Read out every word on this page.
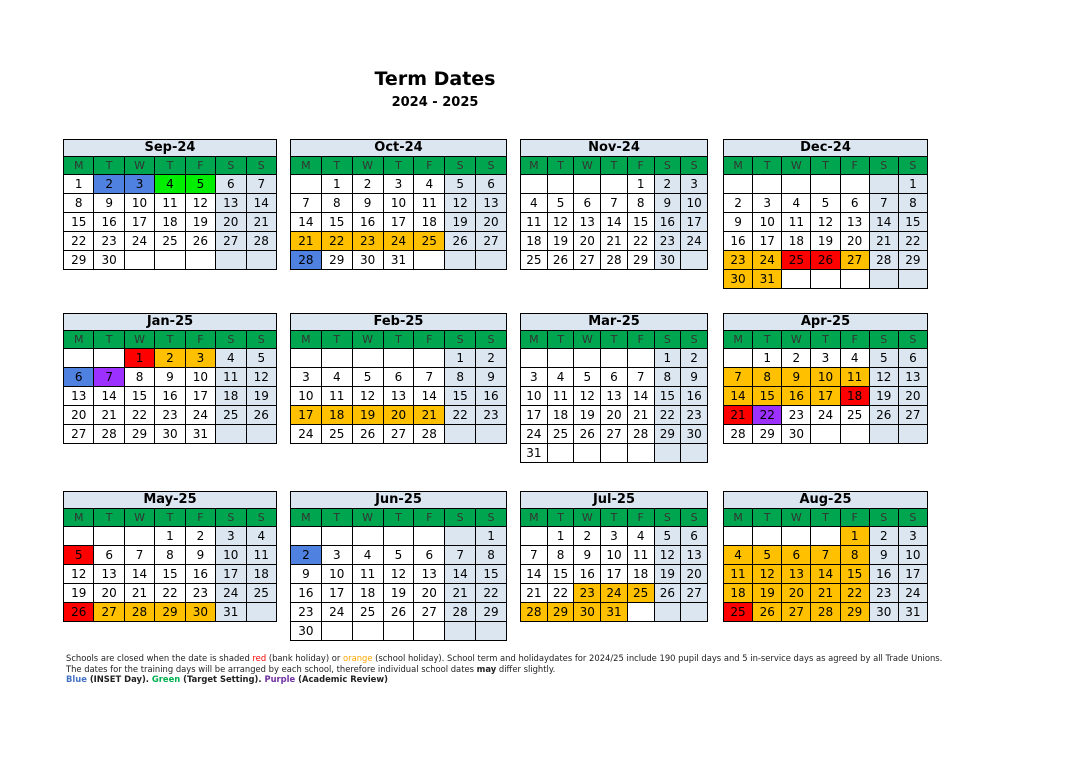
Term Dates
2024 - 2025
Sep-24						
M	T	W	T	F	S	S
1	2	3	4	5	6	7
8	9	10	11	12	13	14
15	16	17	18	19	20	21
22	23	24	25	26	27	28
29	30					
Oct-24						
M	T	W	T	F	S	S
	1	2	3	4	5	6
7	8	9	10	11	12	13
14	15	16	17	18	19	20
21	22	23	24	25	26	27
28	29	30	31			
Nov-24						
M	T	W	T	F	S	S
				1	2	3
4	5	6	7	8	9	10
11	12	13	14	15	16	17
18	19	20	21	22	23	24
25	26	27	28	29	30	
Dec-24						
M	T	W	T	F	S	S
						1
2	3	4	5	6	7	8
9	10	11	12	13	14	15
16	17	18	19	20	21	22
23	24	25	26	27	28	29
30	31					
Jan-25						
M	T	W	T	F	S	S
		1	2	3	4	5
6	7	8	9	10	11	12
13	14	15	16	17	18	19
20	21	22	23	24	25	26
27	28	29	30	31		
Feb-25						
M	T	W	T	F	S	S
					1	2
3	4	5	6	7	8	9
10	11	12	13	14	15	16
17	18	19	20	21	22	23
24	25	26	27	28		
Mar-25						
M	T	W	T	F	S	S
					1	2
3	4	5	6	7	8	9
10	11	12	13	14	15	16
17	18	19	20	21	22	23
24	25	26	27	28	29	30
31						
Apr-25						
M	T	W	T	F	S	S
	1	2	3	4	5	6
7	8	9	10	11	12	13
14	15	16	17	18	19	20
21	22	23	24	25	26	27
28	29	30				
May-25						
M	T	W	T	F	S	S
			1	2	3	4
5	6	7	8	9	10	11
12	13	14	15	16	17	18
19	20	21	22	23	24	25
26	27	28	29	30	31	
Jun-25						
M	T	W	T	F	S	S
						1
2	3	4	5	6	7	8
9	10	11	12	13	14	15
16	17	18	19	20	21	22
23	24	25	26	27	28	29
30						
Jul-25						
M	T	W	T	F	S	S
	1	2	3	4	5	6
7	8	9	10	11	12	13
14	15	16	17	18	19	20
21	22	23	24	25	26	27
28	29	30	31			
Aug-25						
M	T	W	T	F	S	S
				1	2	3
4	5	6	7	8	9	10
11	12	13	14	15	16	17
18	19	20	21	22	23	24
25	26	27	28	29	30	31
Schools are closed when the date is shaded red (bank holiday) or orange (school holiday). School term and holidaydates for 2024/25 include 190 pupil days and 5 in-service days as agreed by all Trade Unions.
The dates for the training days will be arranged by each school, therefore individual school dates may differ slightly.
Blue (INSET Day). Green (Target Setting). Purple (Academic Review)
